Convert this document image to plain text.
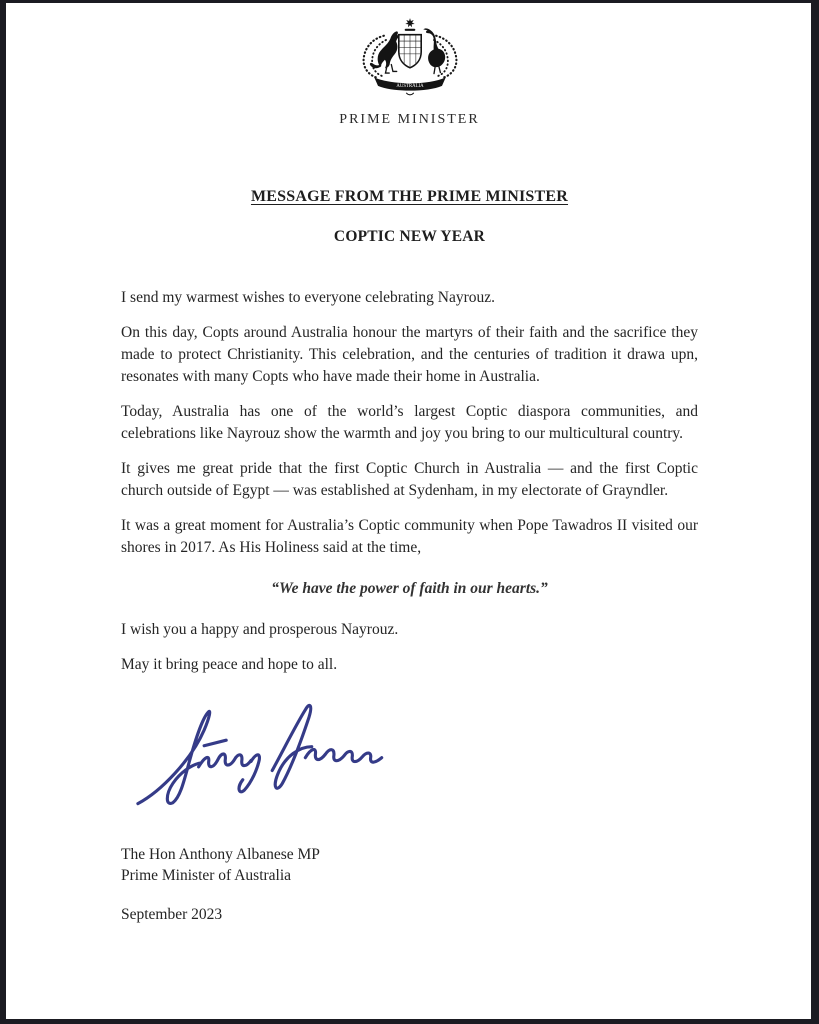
AUSTRALIA
PRIME MINISTER
MESSAGE FROM THE PRIME MINISTER
COPTIC NEW YEAR

I send my warmest wishes to everyone celebrating Nayrouz.

On this day, Copts around Australia honour the martyrs of their faith and the sacrifice they made to protect Christianity. This celebration, and the centuries of tradition it drawa upn, resonates with many Copts who have made their home in Australia.

Today, Australia has one of the world’s largest Coptic diaspora communities, and celebrations like Nayrouz show the warmth and joy you bring to our multicultural country.

It gives me great pride that the first Coptic Church in Australia — and the first Coptic church outside of Egypt — was established at Sydenham, in my electorate of Grayndler.

It was a great moment for Australia’s Coptic community when Pope Tawadros II visited our shores in 2017. As His Holiness said at the time,

“We have the power of faith in our hearts.”

I wish you a happy and prosperous Nayrouz.

May it bring peace and hope to all.

The Hon Anthony Albanese MP
Prime Minister of Australia
September 2023
